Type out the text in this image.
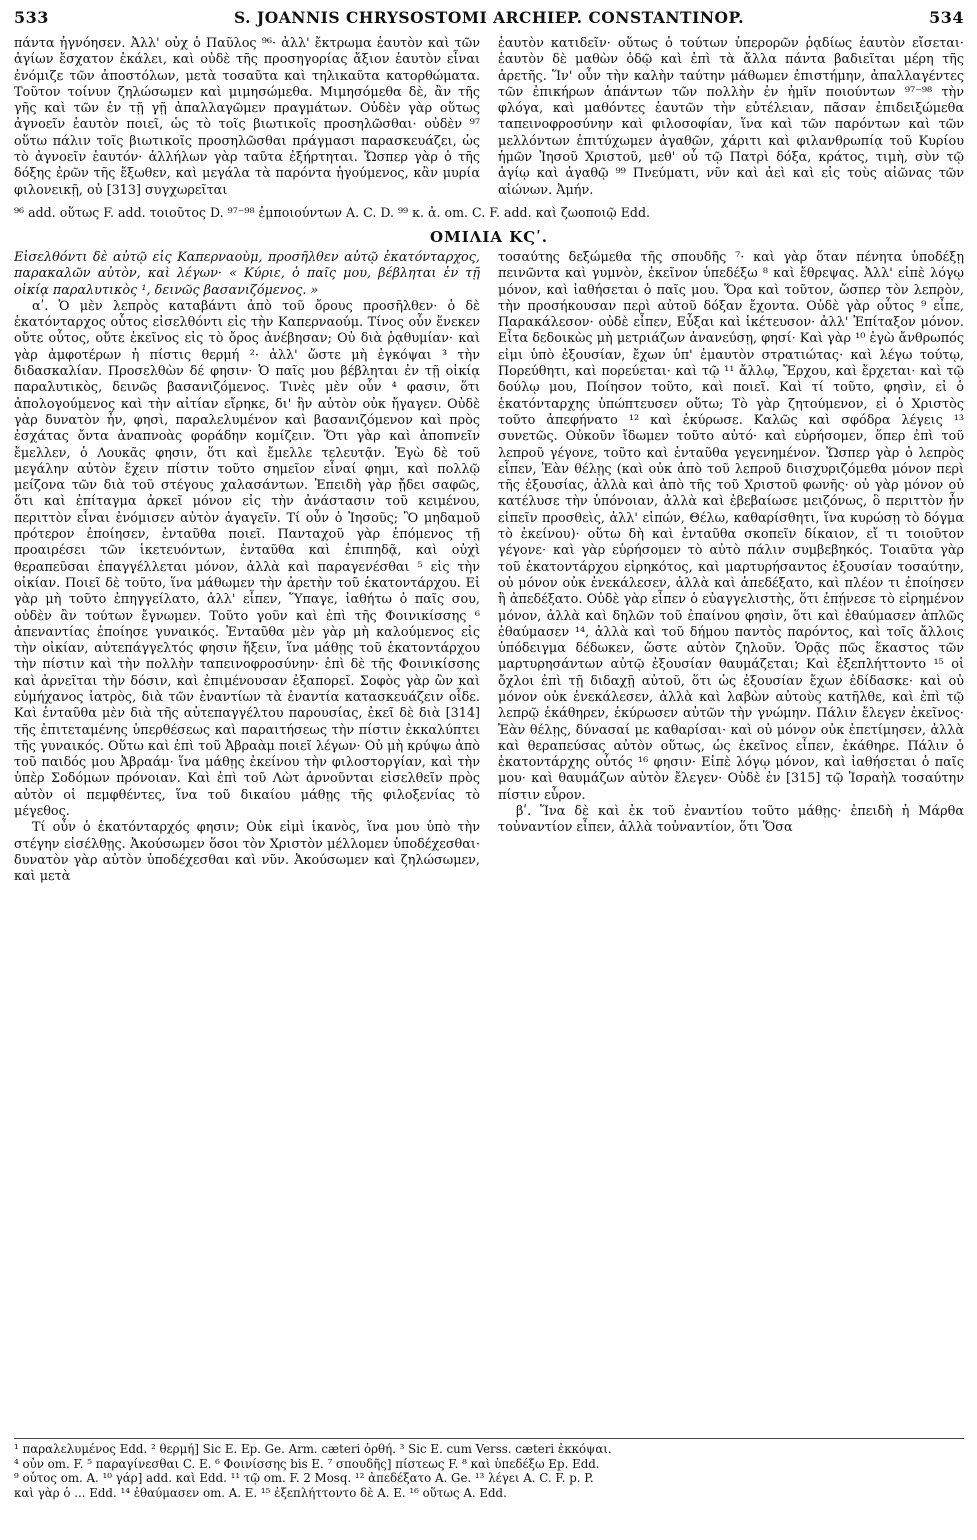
533	S. JOANNIS CHRYSOSTOMI ARCHIEP. CONSTANTINOP.	534

πάντα ἠγνόησεν. Ἀλλ' οὐχ ὁ Παῦλος ⁹⁶· ἀλλ' ἔκτρωμα ἑαυτὸν καὶ τῶν ἁγίων ἔσχατον ἐκάλει, καὶ οὐδὲ τῆς προσηγορίας ἄξιον ἑαυτὸν εἶναι ἐνόμιζε τῶν ἀποστόλων, μετὰ τοσαῦτα καὶ τηλικαῦτα κατορθώματα. Τοῦτον τοίνυν ζηλώσωμεν καὶ μιμησώμεθα. Μιμησόμεθα δὲ, ἂν τῆς γῆς καὶ τῶν ἐν τῇ γῇ ἀπαλλαγῶμεν πραγμάτων. Οὐδὲν γὰρ οὕτως ἀγνοεῖν ἑαυτὸν ποιεῖ, ὡς τὸ τοῖς βιωτικοῖς προσηλῶσθαι· οὐδὲν ⁹⁷ οὕτω πάλιν τοῖς βιωτικοῖς προσηλῶσθαι πράγμασι παρασκευάζει, ὡς τὸ ἀγνοεῖν ἑαυτόν· ἀλλήλων γὰρ ταῦτα ἐξήρτηται. Ὥσπερ γὰρ ὁ τῆς δόξης ἐρῶν τῆς ἔξωθεν, καὶ μεγάλα τὰ παρόντα ἡγούμενος, κἂν μυρία φιλονεικῇ, οὐ [313] συγχωρεῖται

ἑαυτὸν κατιδεῖν· οὕτως ὁ τούτων ὑπερορῶν ῥᾳδίως ἑαυτὸν εἴσεται· ἑαυτὸν δὲ μαθὼν ὁδῷ καὶ ἐπὶ τὰ ἄλλα πάντα βαδιεῖται μέρη τῆς ἀρετῆς. Ἵν' οὖν τὴν καλὴν ταύτην μάθωμεν ἐπιστήμην, ἀπαλλαγέντες τῶν ἐπικήρων ἁπάντων τῶν πολλὴν ἐν ἡμῖν ποιούντων ⁹⁷⁻⁹⁸ τὴν φλόγα, καὶ μαθόντες ἑαυτῶν τὴν εὐτέλειαν, πᾶσαν ἐπιδειξώμεθα ταπεινοφροσύνην καὶ φιλοσοφίαν, ἵνα καὶ τῶν παρόντων καὶ τῶν μελλόντων ἐπιτύχωμεν ἀγαθῶν, χάριτι καὶ φιλανθρωπίᾳ τοῦ Κυρίου ἡμῶν Ἰησοῦ Χριστοῦ, μεθ' οὗ τῷ Πατρὶ δόξα, κράτος, τιμὴ, σὺν τῷ ἁγίῳ καὶ ἀγαθῷ ⁹⁹ Πνεύματι, νῦν καὶ ἀεὶ καὶ εἰς τοὺς αἰῶνας τῶν αἰώνων. Ἀμήν.

⁹⁶ add. οὕτως F. add. τοιοῦτος D. ⁹⁷⁻⁹⁸ ἐμποιούντων A. C. D. ⁹⁹ κ. ἀ. om. C. F. add. καὶ ζωοποιῷ Edd.
ΟΜΙΛΙΑ ΚϚʹ.

Εἰσελθόντι δὲ αὐτῷ εἰς Καπερναοὺμ, προσῆλθεν αὐτῷ ἑκατόνταρχος, παρακαλῶν αὐτὸν, καὶ λέγων· « Κύριε, ὁ παῖς μου, βέβληται ἐν τῇ οἰκίᾳ παραλυτικὸς ¹, δεινῶς βασανιζόμενος. »

αʹ. Ὁ μὲν λεπρὸς καταβάντι ἀπὸ τοῦ ὄρους προσῆλθεν· ὁ δὲ ἑκατόνταρχος οὗτος εἰσελθόντι εἰς τὴν Καπερναούμ. Τίνος οὖν ἕνεκεν οὔτε οὗτος, οὔτε ἐκεῖνος εἰς τὸ ὄρος ἀνέβησαν; Οὐ διὰ ῥᾳθυμίαν· καὶ γὰρ ἀμφοτέρων ἡ πίστις θερμή ²· ἀλλ' ὥστε μὴ ἐγκόψαι ³ τὴν διδασκαλίαν. Προσελθὼν δέ φησιν· Ὁ παῖς μου βέβληται ἐν τῇ οἰκίᾳ παραλυτικὸς, δεινῶς βασανιζόμενος. Τινὲς μὲν οὖν ⁴ φασιν, ὅτι ἀπολογούμενος καὶ τὴν αἰτίαν εἴρηκε, δι' ἣν αὐτὸν οὐκ ἤγαγεν. Οὐδὲ γὰρ δυνατὸν ἦν, φησὶ, παραλελυμένον καὶ βασανιζόμενον καὶ πρὸς ἐσχάτας ὄντα ἀναπνοὰς φοράδην κομίζειν. Ὅτι γὰρ καὶ ἀποπνεῖν ἔμελλεν, ὁ Λουκᾶς φησιν, ὅτι καὶ ἔμελλε τελευτᾷν. Ἐγὼ δὲ τοῦ μεγάλην αὐτὸν ἔχειν πίστιν τοῦτο σημεῖον εἶναί φημι, καὶ πολλῷ μείζονα τῶν διὰ τοῦ στέγους χαλασάντων. Ἐπειδὴ γὰρ ᾔδει σαφῶς, ὅτι καὶ ἐπίταγμα ἀρκεῖ μόνον εἰς τὴν ἀνάστασιν τοῦ κειμένου, περιττὸν εἶναι ἐνόμισεν αὐτὸν ἀγαγεῖν. Τί οὖν ὁ Ἰησοῦς; Ὃ μηδαμοῦ πρότερον ἐποίησεν, ἐνταῦθα ποιεῖ. Πανταχοῦ γὰρ ἑπόμενος τῇ προαιρέσει τῶν ἱκετευόντων, ἐνταῦθα καὶ ἐπιπηδᾷ, καὶ οὐχὶ θεραπεῦσαι ἐπαγγέλλεται μόνον, ἀλλὰ καὶ παραγενέσθαι ⁵ εἰς τὴν οἰκίαν. Ποιεῖ δὲ τοῦτο, ἵνα μάθωμεν τὴν ἀρετὴν τοῦ ἑκατοντάρχου. Εἰ γὰρ μὴ τοῦτο ἐπηγγείλατο, ἀλλ' εἶπεν, Ὕπαγε, ἰαθήτω ὁ παῖς σου, οὐδὲν ἂν τούτων ἔγνωμεν. Τοῦτο γοῦν καὶ ἐπὶ τῆς Φοινικίσσης ⁶ ἀπεναντίας ἐποίησε γυναικός. Ἐνταῦθα μὲν γὰρ μὴ καλούμενος εἰς τὴν οἰκίαν, αὐτεπάγγελτός φησιν ἥξειν, ἵνα μάθῃς τοῦ ἑκατοντάρχου τὴν πίστιν καὶ τὴν πολλὴν ταπεινοφροσύνην· ἐπὶ δὲ τῆς Φοινικίσσης καὶ ἀρνεῖται τὴν δόσιν, καὶ ἐπιμένουσαν ἐξαπορεῖ. Σοφὸς γὰρ ὢν καὶ εὐμήχανος ἰατρὸς, διὰ τῶν ἐναντίων τὰ ἐναντία κατασκευάζειν οἶδε. Καὶ ἐνταῦθα μὲν διὰ τῆς αὐτεπαγγέλτου παρουσίας, ἐκεῖ δὲ διὰ [314] τῆς ἐπιτεταμένης ὑπερθέσεως καὶ παραιτήσεως τὴν πίστιν ἐκκαλύπτει τῆς γυναικός. Οὕτω καὶ ἐπὶ τοῦ Ἀβραὰμ ποιεῖ λέγων· Οὐ μὴ κρύψω ἀπὸ τοῦ παιδός μου Ἀβραάμ· ἵνα μάθῃς ἐκείνου τὴν φιλοστοργίαν, καὶ τὴν ὑπὲρ Σοδόμων πρόνοιαν. Καὶ ἐπὶ τοῦ Λὼτ ἀρνοῦνται εἰσελθεῖν πρὸς αὐτὸν οἱ πεμφθέντες, ἵνα τοῦ δικαίου μάθῃς τῆς φιλοξενίας τὸ μέγεθος.

Τί οὖν ὁ ἑκατόνταρχός φησιν; Οὐκ εἰμὶ ἱκανὸς, ἵνα μου ὑπὸ τὴν στέγην εἰσέλθῃς. Ἀκούσωμεν ὅσοι τὸν Χριστὸν μέλλομεν ὑποδέχεσθαι· δυνατὸν γὰρ αὐτὸν ὑποδέχεσθαι καὶ νῦν. Ἀκούσωμεν καὶ ζηλώσωμεν, καὶ μετὰ

τοσαύτης δεξώμεθα τῆς σπουδῆς ⁷· καὶ γὰρ ὅταν πένητα ὑποδέξῃ πεινῶντα καὶ γυμνὸν, ἐκεῖνον ὑπεδέξω ⁸ καὶ ἔθρεψας. Ἀλλ' εἰπὲ λόγῳ μόνον, καὶ ἰαθήσεται ὁ παῖς μου. Ὅρα καὶ τοῦτον, ὥσπερ τὸν λεπρὸν, τὴν προσήκουσαν περὶ αὐτοῦ δόξαν ἔχοντα. Οὐδὲ γὰρ οὗτος ⁹ εἶπε, Παρακάλεσον· οὐδὲ εἶπεν, Εὖξαι καὶ ἱκέτευσον· ἀλλ' Ἐπίταξον μόνον. Εἶτα δεδοικὼς μὴ μετριάζων ἀνανεύσῃ, φησί· Καὶ γὰρ ¹⁰ ἐγὼ ἄνθρωπός εἰμι ὑπὸ ἐξουσίαν, ἔχων ὑπ' ἐμαυτὸν στρατιώτας· καὶ λέγω τούτῳ, Πορεύθητι, καὶ πορεύεται· καὶ τῷ ¹¹ ἄλλῳ, Ἔρχου, καὶ ἔρχεται· καὶ τῷ δούλῳ μου, Ποίησον τοῦτο, καὶ ποιεῖ. Καὶ τί τοῦτο, φησὶν, εἰ ὁ ἑκατόνταρχης ὑπώπτευσεν οὕτω; Τὸ γὰρ ζητούμενον, εἰ ὁ Χριστὸς τοῦτο ἀπεφήνατο ¹² καὶ ἐκύρωσε. Καλῶς καὶ σφόδρα λέγεις ¹³ συνετῶς. Οὐκοῦν ἴδωμεν τοῦτο αὐτό· καὶ εὑρήσομεν, ὅπερ ἐπὶ τοῦ λεπροῦ γέγονε, τοῦτο καὶ ἐνταῦθα γεγενημένον. Ὥσπερ γὰρ ὁ λεπρὸς εἶπεν, Ἐὰν θέλῃς (καὶ οὐκ ἀπὸ τοῦ λεπροῦ διισχυριζόμεθα μόνον περὶ τῆς ἐξουσίας, ἀλλὰ καὶ ἀπὸ τῆς τοῦ Χριστοῦ φωνῆς· οὐ γὰρ μόνον οὐ κατέλυσε τὴν ὑπόνοιαν, ἀλλὰ καὶ ἐβεβαίωσε μειζόνως, ὃ περιττὸν ἦν εἰπεῖν προσθεὶς, ἀλλ' εἰπών, Θέλω, καθαρίσθητι, ἵνα κυρώσῃ τὸ δόγμα τὸ ἐκείνου)· οὕτω δὴ καὶ ἐνταῦθα σκοπεῖν δίκαιον, εἴ τι τοιοῦτον γέγονε· καὶ γὰρ εὑρήσομεν τὸ αὐτὸ πάλιν συμβεβηκός. Τοιαῦτα γὰρ τοῦ ἑκατοντάρχου εἰρηκότος, καὶ μαρτυρήσαντος ἐξουσίαν τοσαύτην, οὐ μόνον οὐκ ἐνεκάλεσεν, ἀλλὰ καὶ ἀπεδέξατο, καὶ πλέον τι ἐποίησεν ἢ ἀπεδέξατο. Οὐδὲ γὰρ εἶπεν ὁ εὐαγγελιστὴς, ὅτι ἐπῄνεσε τὸ εἰρημένον μόνον, ἀλλὰ καὶ δηλῶν τοῦ ἐπαίνου φησὶν, ὅτι καὶ ἐθαύμασεν ἁπλῶς ἐθαύμασεν ¹⁴, ἀλλὰ καὶ τοῦ δήμου παντὸς παρόντος, καὶ τοῖς ἄλλοις ὑπόδειγμα δέδωκεν, ὥστε αὐτὸν ζηλοῦν. Ὁρᾷς πῶς ἕκαστος τῶν μαρτυρησάντων αὐτῷ ἐξουσίαν θαυμάζεται; Καὶ ἐξεπλήττοντο ¹⁵ οἱ ὄχλοι ἐπὶ τῇ διδαχῇ αὐτοῦ, ὅτι ὡς ἐξουσίαν ἔχων ἐδίδασκε· καὶ οὐ μόνον οὐκ ἐνεκάλεσεν, ἀλλὰ καὶ λαβὼν αὐτοὺς κατῆλθε, καὶ ἐπὶ τῷ λεπρῷ ἐκάθηρεν, ἐκύρωσεν αὐτῶν τὴν γνώμην. Πάλιν ἔλεγεν ἐκεῖνος· Ἐὰν θέλῃς, δύνασαί με καθαρίσαι· καὶ οὐ μόνον οὐκ ἐπετίμησεν, ἀλλὰ καὶ θεραπεύσας αὐτὸν οὕτως, ὡς ἐκεῖνος εἶπεν, ἐκάθηρε. Πάλιν ὁ ἑκατοντάρχης οὗτός ¹⁶ φησιν· Εἰπὲ λόγῳ μόνον, καὶ ἰαθήσεται ὁ παῖς μου· καὶ θαυμάζων αὐτὸν ἔλεγεν· Οὐδὲ ἐν [315] τῷ Ἰσραὴλ τοσαύτην πίστιν εὗρον.

βʹ. Ἵνα δὲ καὶ ἐκ τοῦ ἐναντίου τοῦτο μάθῃς· ἐπειδὴ ἡ Μάρθα τοὐναντίον εἶπεν, ἀλλὰ τοὐναντίον, ὅτι Ὅσα

¹ παραλελυμένος Edd. ² θερμή] Sic E. Ep. Ge. Arm. cæteri ὀρθή. ³ Sic E. cum Verss. cæteri ἐκκόψαι.
⁴ οὖν om. F. ⁵ παραγίνεσθαι C. E. ⁶ Φοινίσσης bis E. ⁷ σπουδῆς] πίστεως F. ⁸ καὶ ὑπεδέξω Ep. Edd.
⁹ οὗτος om. A. ¹⁰ γάρ] add. καὶ Edd. ¹¹ τῷ om. F. 2 Mosq. ¹² ἀπεδέξατο A. Ge. ¹³ λέγει A. C. F. p. P.
καὶ γὰρ ὁ ... Edd. ¹⁴ ἐθαύμασεν om. A. E. ¹⁵ ἐξεπλήττοντο δὲ A. E. ¹⁶ οὕτως A. Edd.
